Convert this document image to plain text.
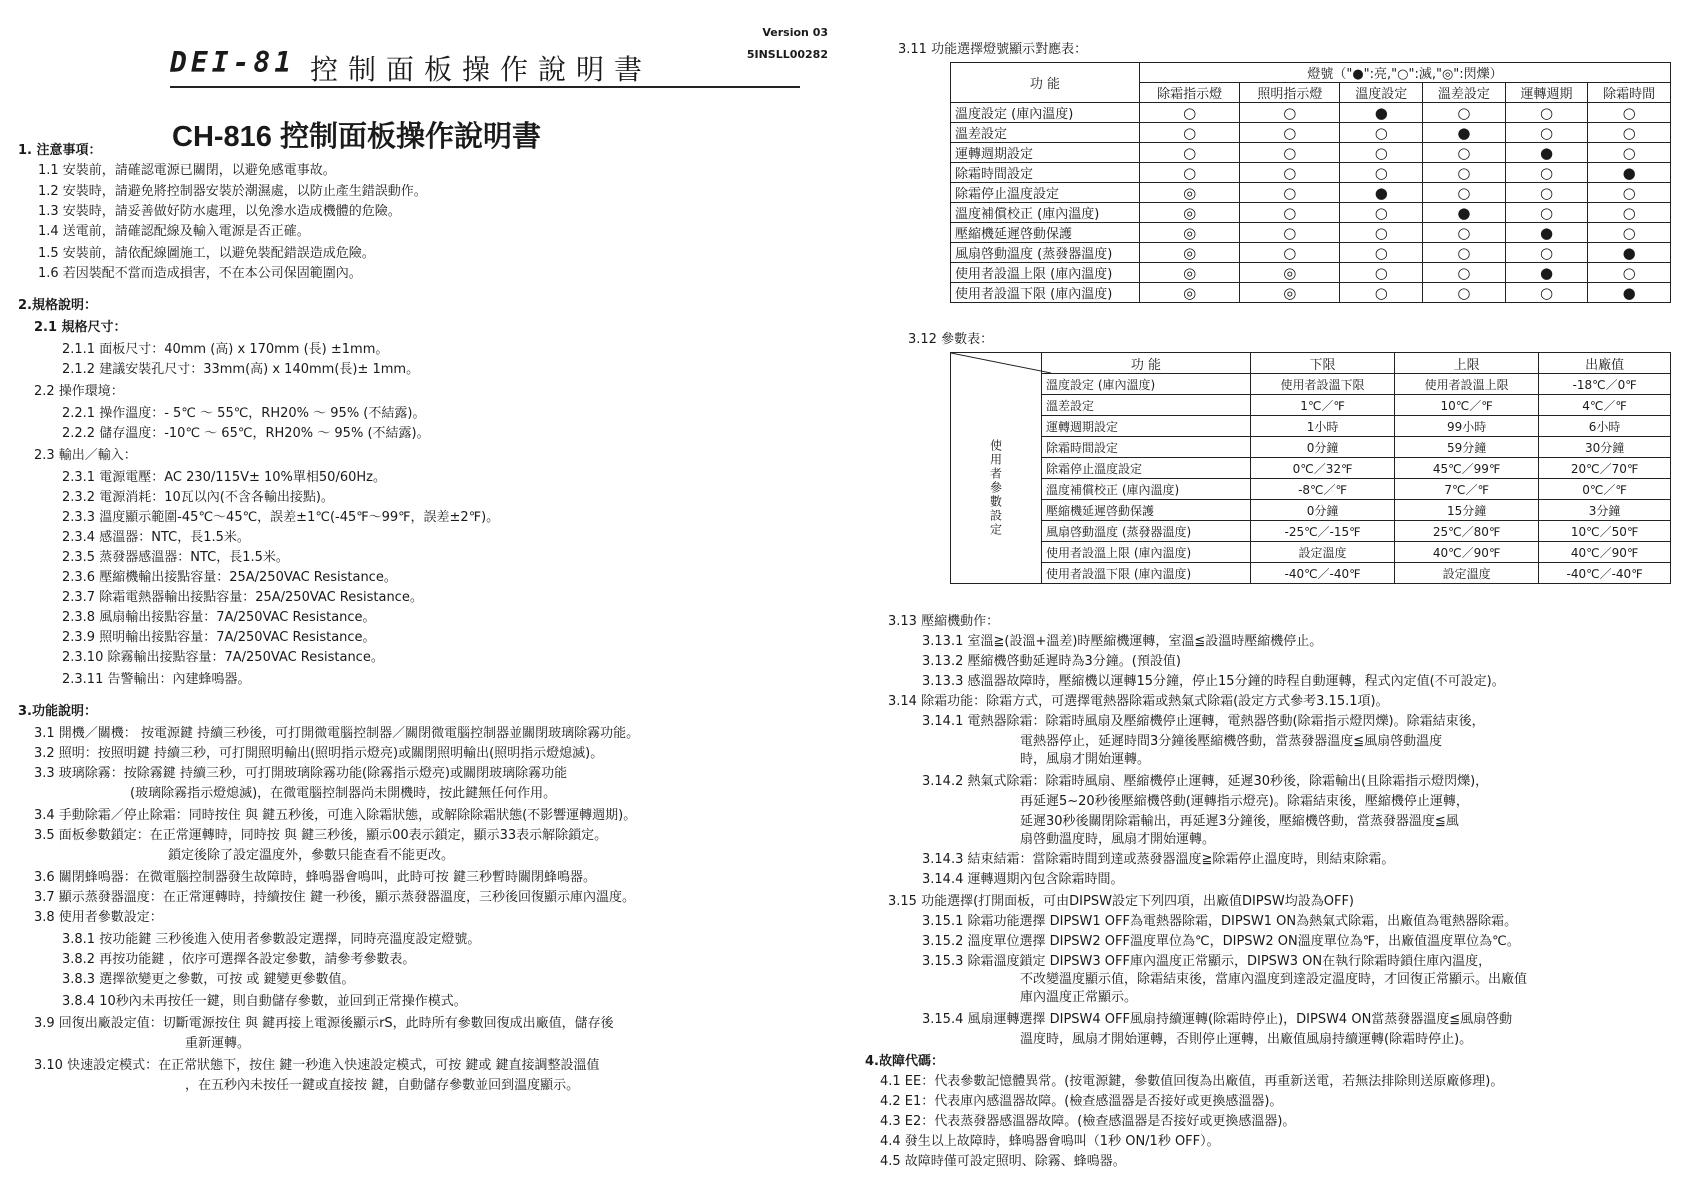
DEI-81 控制面板操作說明書
Version 03
5INSLL00282
CH-816 控制面板操作說明書
1. 注意事項：
1.1 安裝前，請確認電源已關閉，以避免感電事故。
1.2 安裝時，請避免將控制器安裝於潮濕處，以防止產生錯誤動作。
1.3 安裝時，請妥善做好防水處理，以免滲水造成機體的危險。
1.4 送電前，請確認配線及輸入電源是否正確。
1.5 安裝前，請依配線圖施工，以避免裝配錯誤造成危險。
1.6 若因裝配不當而造成損害，不在本公司保固範圍內。
2.規格說明：
2.1 規格尺寸：
2.1.1 面板尺寸：40mm (高) x 170mm (長) ±1mm。
2.1.2 建議安裝孔尺寸：33mm(高) x 140mm(長)± 1mm。
2.2 操作環境：
2.2.1 操作溫度：- 5℃ ～ 55℃，RH20% ～ 95% (不結露)。
2.2.2 儲存溫度：-10℃ ～ 65℃，RH20% ～ 95% (不結露)。
2.3 輸出／輸入：
2.3.1 電源電壓：AC 230/115V± 10%單相50/60Hz。
2.3.2 電源消耗：10瓦以內(不含各輸出接點)。
2.3.3 溫度顯示範圍-45℃～45℃，誤差±1℃(-45℉～99℉，誤差±2℉)。
2.3.4 感溫器：NTC，長1.5米。
2.3.5 蒸發器感溫器：NTC，長1.5米。
2.3.6 壓縮機輸出接點容量：25A/250VAC Resistance。
2.3.7 除霜電熱器輸出接點容量：25A/250VAC Resistance。
2.3.8 風扇輸出接點容量：7A/250VAC Resistance。
2.3.9 照明輸出接點容量：7A/250VAC Resistance。
2.3.10 除霧輸出接點容量：7A/250VAC Resistance。
2.3.11 告警輸出：內建蜂鳴器。
3.功能說明：
3.1 開機／關機： 按電源鍵 持續三秒後，可打開微電腦控制器／關閉微電腦控制器並關閉玻璃除霧功能。
3.2 照明：按照明鍵 持續三秒，可打開照明輸出(照明指示燈亮)或關閉照明輸出(照明指示燈熄滅)。
3.3 玻璃除霧：按除霧鍵 持續三秒，可打開玻璃除霧功能(除霧指示燈亮)或關閉玻璃除霧功能
(玻璃除霧指示燈熄滅)，在微電腦控制器尚未開機時，按此鍵無任何作用。
3.4 手動除霜／停止除霜：同時按住 與 鍵五秒後，可進入除霜狀態，或解除除霜狀態(不影響運轉週期)。
3.5 面板參數鎖定：在正常運轉時，同時按 與 鍵三秒後，顯示00表示鎖定，顯示33表示解除鎖定。
鎖定後除了設定溫度外，參數只能查看不能更改。
3.6 關閉蜂鳴器：在微電腦控制器發生故障時，蜂鳴器會鳴叫，此時可按 鍵三秒暫時關閉蜂鳴器。
3.7 顯示蒸發器溫度：在正常運轉時，持續按住 鍵一秒後，顯示蒸發器溫度，三秒後回復顯示庫內溫度。
3.8 使用者參數設定：
3.8.1 按功能鍵 三秒後進入使用者參數設定選擇，同時亮溫度設定燈號。
3.8.2 再按功能鍵 ，依序可選擇各設定參數，請參考參數表。
3.8.3 選擇欲變更之參數，可按 或 鍵變更參數值。
3.8.4 10秒內未再按任一鍵，則自動儲存參數，並回到正常操作模式。
3.9 回復出廠設定值：切斷電源按住 與 鍵再接上電源後顯示rS，此時所有參數回復成出廠值，儲存後
重新運轉。
3.10 快速設定模式：在正常狀態下，按住 鍵一秒進入快速設定模式，可按 鍵或 鍵直接調整設溫值
，在五秒內未按任一鍵或直接按 鍵，自動儲存參數並回到溫度顯示。
3.11 功能選擇燈號顯示對應表：
功 能	燈號（"●":亮,"○":滅,"◎":閃爍）					
	除霜指示燈	照明指示燈	溫度設定	溫差設定	運轉週期	除霜時間
溫度設定 (庫內溫度)	○	○	●	○	○	○
溫差設定	○	○	○	●	○	○
運轉週期設定	○	○	○	○	●	○
除霜時間設定	○	○	○	○	○	●
除霜停止溫度設定	◎	○	●	○	○	○
溫度補償校正 (庫內溫度)	◎	○	○	●	○	○
壓縮機延遲啓動保護	◎	○	○	○	●	○
風扇啓動溫度 (蒸發器溫度)	◎	○	○	○	○	●
使用者設溫上限 (庫內溫度)	◎	◎	○	○	●	○
使用者設溫下限 (庫內溫度)	◎	◎	○	○	○	●
3.12 參數表：
使用者參數設定	功 能	下限	上限	出廠值
	溫度設定 (庫內溫度)	使用者設溫下限	使用者設溫上限	-18℃／0℉
	溫差設定	1℃／℉	10℃／℉	4℃／℉
	運轉週期設定	1小時	99小時	6小時
	除霜時間設定	0分鐘	59分鐘	30分鐘
	除霜停止溫度設定	0℃／32℉	45℃／99℉	20℃／70℉
	溫度補償校正 (庫內溫度)	-8℃／℉	7℃／℉	0℃／℉
	壓縮機延遲啓動保護	0分鐘	15分鐘	3分鐘
	風扇啓動溫度 (蒸發器溫度)	-25℃／-15℉	25℃／80℉	10℃／50℉
	使用者設溫上限 (庫內溫度)	設定溫度	40℃／90℉	40℃／90℉
	使用者設溫下限 (庫內溫度)	-40℃／-40℉	設定溫度	-40℃／-40℉
3.13 壓縮機動作：
3.13.1 室溫≧(設溫+溫差)時壓縮機運轉，室溫≦設溫時壓縮機停止。
3.13.2 壓縮機啓動延遲時為3分鐘。(預設值)
3.13.3 感溫器故障時，壓縮機以運轉15分鐘，停止15分鐘的時程自動運轉，程式內定值(不可設定)。
3.14 除霜功能：除霜方式，可選擇電熱器除霜或熱氣式除霜(設定方式參考3.15.1項)。
3.14.1 電熱器除霜：除霜時風扇及壓縮機停止運轉，電熱器啓動(除霜指示燈閃爍)。除霜結束後，
電熱器停止，延遲時間3分鐘後壓縮機啓動，當蒸發器溫度≦風扇啓動溫度
時，風扇才開始運轉。
3.14.2 熱氣式除霜：除霜時風扇、壓縮機停止運轉，延遲30秒後，除霜輸出(且除霜指示燈閃爍)，
再延遲5~20秒後壓縮機啓動(運轉指示燈亮)。除霜結束後，壓縮機停止運轉，
延遲30秒後關閉除霜輸出，再延遲3分鐘後，壓縮機啓動，當蒸發器溫度≦風
扇啓動溫度時，風扇才開始運轉。
3.14.3 結束結霜：當除霜時間到達或蒸發器溫度≧除霜停止溫度時，則結束除霜。
3.14.4 運轉週期內包含除霜時間。
3.15 功能選擇(打開面板，可由DIPSW設定下列四項，出廠值DIPSW均設為OFF)
3.15.1 除霜功能選擇 DIPSW1 OFF為電熱器除霜，DIPSW1 ON為熱氣式除霜，出廠值為電熱器除霜。
3.15.2 溫度單位選擇 DIPSW2 OFF溫度單位為℃，DIPSW2 ON溫度單位為℉，出廠值溫度單位為℃。
3.15.3 除霜溫度鎖定 DIPSW3 OFF庫內溫度正常顯示，DIPSW3 ON在執行除霜時鎖住庫內溫度，
不改變溫度顯示值，除霜結束後，當庫內溫度到達設定溫度時，才回復正常顯示。出廠值
庫內溫度正常顯示。
3.15.4 風扇運轉選擇 DIPSW4 OFF風扇持續運轉(除霜時停止)，DIPSW4 ON當蒸發器溫度≦風扇啓動
溫度時，風扇才開始運轉，否則停止運轉，出廠值風扇持續運轉(除霜時停止)。
4.故障代碼：
4.1 EE：代表參數記憶體異常。(按電源鍵，參數值回復為出廠值，再重新送電，若無法排除則送原廠修理)。
4.2 E1：代表庫內感溫器故障。(檢查感溫器是否接好或更換感溫器)。
4.3 E2：代表蒸發器感溫器故障。(檢查感溫器是否接好或更換感溫器)。
4.4 發生以上故障時，蜂鳴器會鳴叫（1秒 ON/1秒 OFF）。
4.5 故障時僅可設定照明、除霧、蜂鳴器。
